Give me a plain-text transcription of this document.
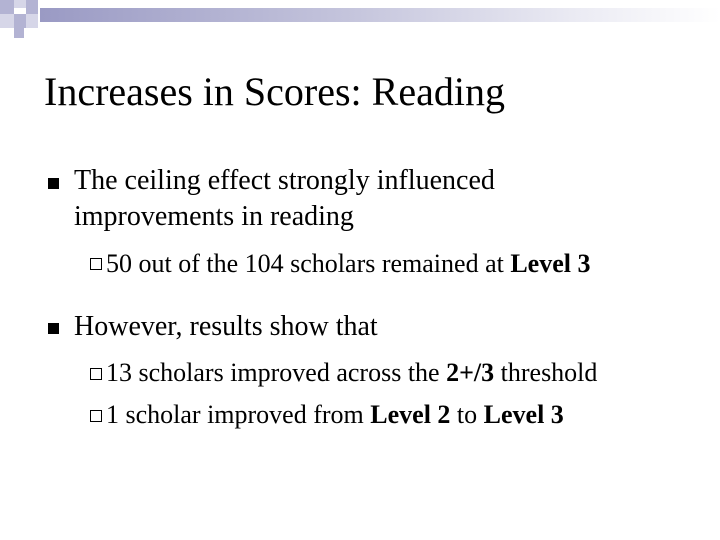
Increases in Scores: Reading
The ceiling effect strongly influenced
improvements in reading
50 out of the 104 scholars remained at Level 3
However, results show that
13 scholars improved across the 2+/3 threshold
1 scholar improved from Level 2 to Level 3
